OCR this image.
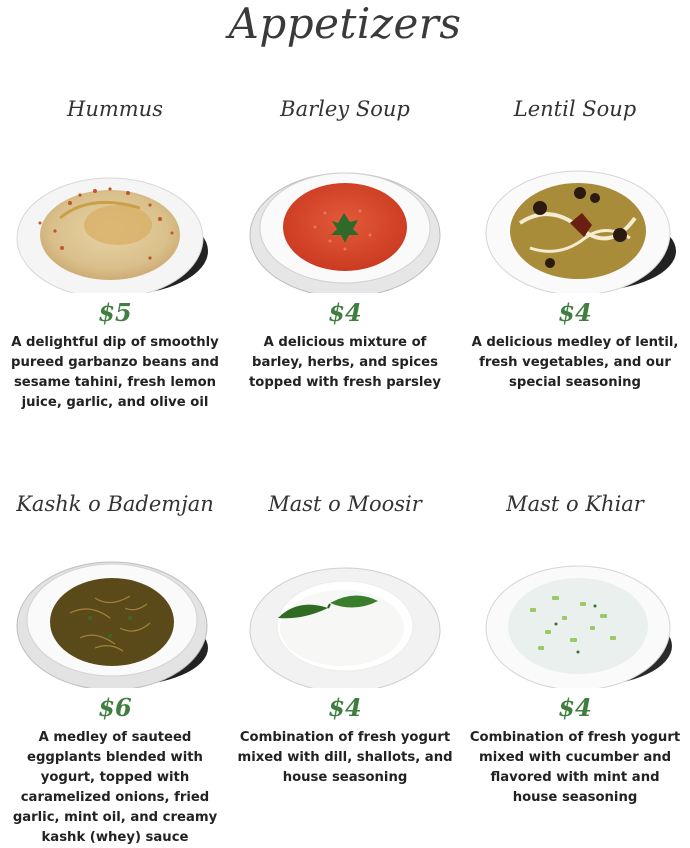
Appetizers
Hummus
$5
A delightful dip of smoothly pureed garbanzo beans and sesame tahini, fresh lemon juice, garlic, and olive oil
Barley Soup
$4
A delicious mixture of barley, herbs, and spices topped with fresh parsley
Lentil Soup
$4
A delicious medley of lentil, fresh vegetables, and our special seasoning
Kashk o Bademjan
$6
A medley of sauteed eggplants blended with yogurt, topped with caramelized onions, fried garlic, mint oil, and creamy kashk (whey) sauce
Mast o Moosir
$4
Combination of fresh yogurt mixed with dill, shallots, and house seasoning
Mast o Khiar
$4
Combination of fresh yogurt mixed with cucumber and flavored with mint and house seasoning
